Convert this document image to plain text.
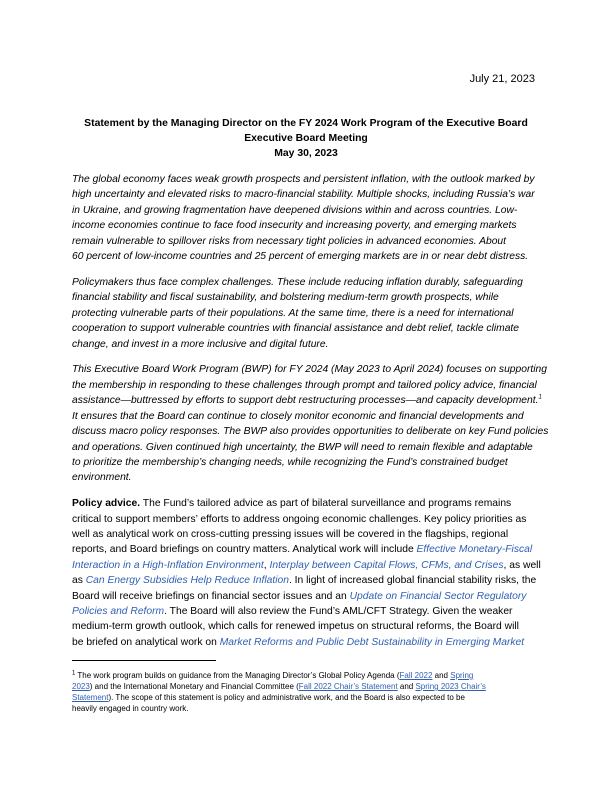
July 21, 2023
Statement by the Managing Director on the FY 2024 Work Program of the Executive Board
Executive Board Meeting
May 30, 2023
The global economy faces weak growth prospects and persistent inflation, with the outlook marked by
high uncertainty and elevated risks to macro-financial stability. Multiple shocks, including Russia’s war
in Ukraine, and growing fragmentation have deepened divisions within and across countries. Low-
income economies continue to face food insecurity and increasing poverty, and emerging markets
remain vulnerable to spillover risks from necessary tight policies in advanced economies. About
60 percent of low-income countries and 25 percent of emerging markets are in or near debt distress.
Policymakers thus face complex challenges. These include reducing inflation durably, safeguarding
financial stability and fiscal sustainability, and bolstering medium-term growth prospects, while
protecting vulnerable parts of their populations. At the same time, there is a need for international
cooperation to support vulnerable countries with financial assistance and debt relief, tackle climate
change, and invest in a more inclusive and digital future.
This Executive Board Work Program (BWP) for FY 2024 (May 2023 to April 2024) focuses on supporting
the membership in responding to these challenges through prompt and tailored policy advice, financial
assistance—buttressed by efforts to support debt restructuring processes—and capacity development.$^1$
It ensures that the Board can continue to closely monitor economic and financial developments and
discuss macro policy responses. The BWP also provides opportunities to deliberate on key Fund policies
and operations. Given continued high uncertainty, the BWP will need to remain flexible and adaptable
to prioritize the membership’s changing needs, while recognizing the Fund’s constrained budget
environment.
Policy advice. The Fund’s tailored advice as part of bilateral surveillance and programs remains
critical to support members’ efforts to address ongoing economic challenges. Key policy priorities as
well as analytical work on cross-cutting pressing issues will be covered in the flagships, regional
reports, and Board briefings on country matters. Analytical work will include Effective Monetary-Fiscal
Interaction in a High-Inflation Environment, Interplay between Capital Flows, CFMs, and Crises, as well
as Can Energy Subsidies Help Reduce Inflation. In light of increased global financial stability risks, the
Board will receive briefings on financial sector issues and an Update on Financial Sector Regulatory
Policies and Reform. The Board will also review the Fund’s AML/CFT Strategy. Given the weaker
medium-term growth outlook, which calls for renewed impetus on structural reforms, the Board will
be briefed on analytical work on Market Reforms and Public Debt Sustainability in Emerging Market
$^1$ The work program builds on guidance from the Managing Director’s Global Policy Agenda (Fall 2022 and Spring
2023) and the International Monetary and Financial Committee (Fall 2022 Chair’s Statement and Spring 2023 Chair’s
Statement). The scope of this statement is policy and administrative work, and the Board is also expected to be
heavily engaged in country work.
